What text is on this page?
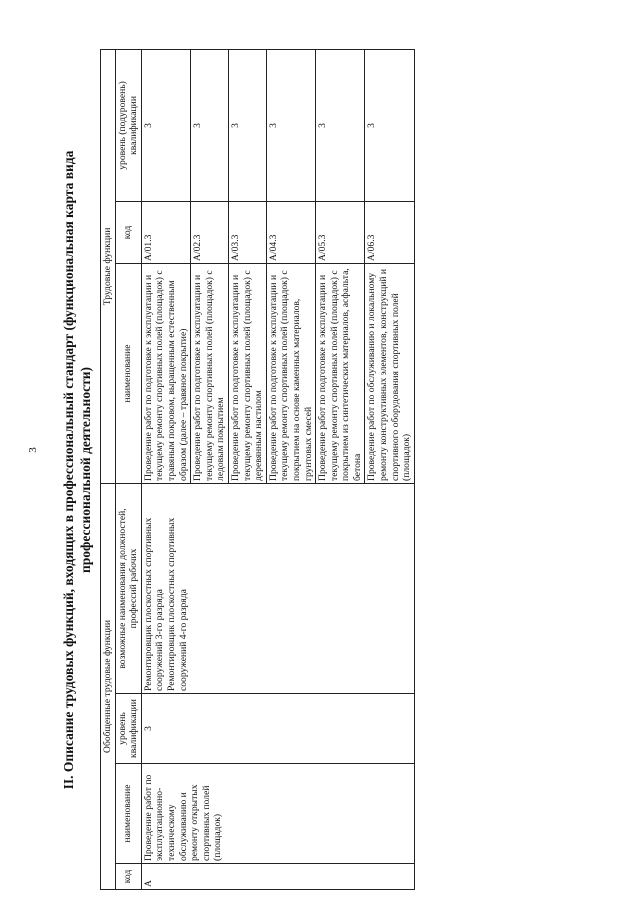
3 II. Описание трудовых функций, входящих в профессиональный стандарт (функциональная карта вида профессиональной деятельности)
Обобщенные трудовые функции				Трудовые функции		
код	наименование	уровень квалификации	возможные наименования должностей, профессий рабочих	наименование	код	уровень (подуровень) квалификации
А	Проведение работ по эксплуатационно-техническому обслуживанию и ремонту открытых спортивных полей (площадок)	3	Ремонтировщик плоскостных спортивных сооружений 3-го разряда Ремонтировщик плоскостных спортивных сооружений 4-го разряда	Проведение работ по подготовке к эксплуатации и текущему ремонту спортивных полей (площадок) с травяным покровом, выращенным естественным образом (далее – травяное покрытие)	A/01.3	3
				Проведение работ по подготовке к эксплуатации и текущему ремонту спортивных полей (площадок) с ледовым покрытием	A/02.3	3
				Проведение работ по подготовке к эксплуатации и текущему ремонту спортивных полей (площадок) с деревянным настилом	A/03.3	3
				Проведение работ по подготовке к эксплуатации и текущему ремонту спортивных полей (площадок) с покрытием на основе каменных материалов, грунтовых смесей	A/04.3	3
				Проведение работ по подготовке к эксплуатации и текущему ремонту спортивных полей (площадок) с покрытием из синтетических материалов, асфальта, бетона	A/05.3	3
				Проведение работ по обслуживанию и локальному ремонту конструктивных элементов, конструкций и спортивного оборудования спортивных полей (площадок)	A/06.3	3
